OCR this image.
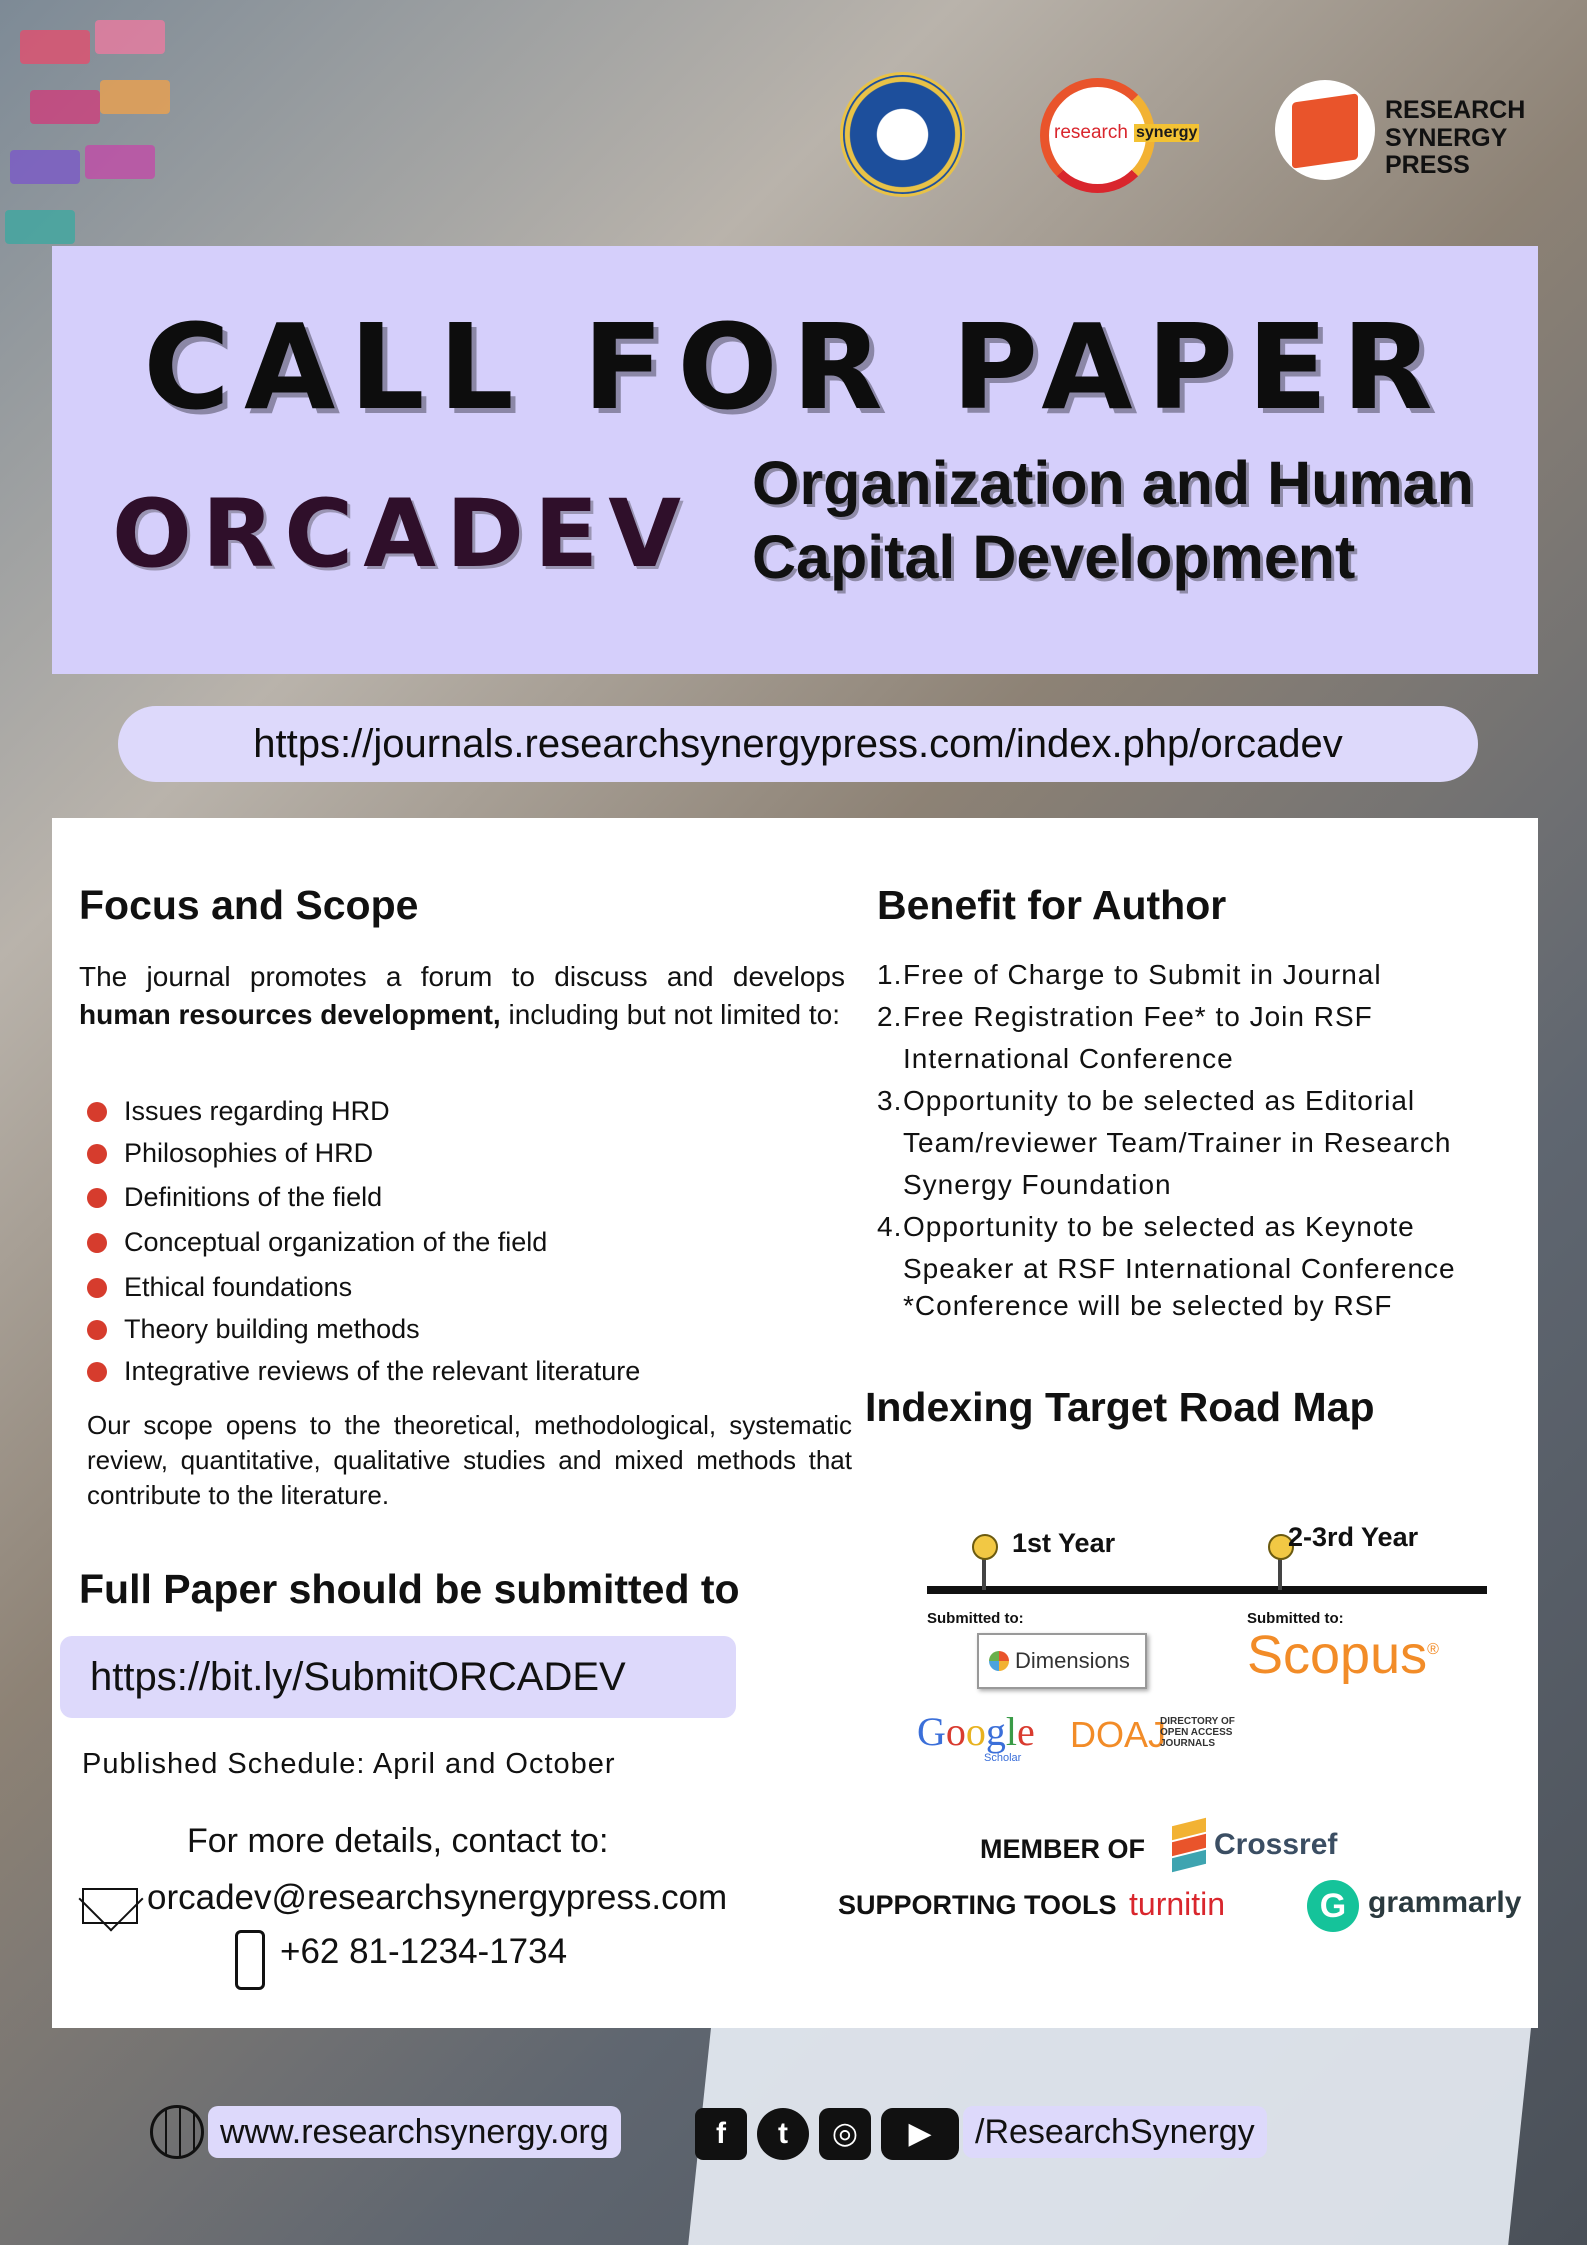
research synergy
RESEARCH
SYNERGY
PRESS
CALL FOR PAPER
ORCADEV Organization and Human
Capital Development
https://journals.researchsynergypress.com/index.php/orcadev
Focus and Scope
The journal promotes a forum to discuss and develops human resources development, including but not limited to:
Issues regarding HRD
Philosophies of HRD
Definitions of the field
Conceptual organization of the field
Ethical foundations
Theory building methods
Integrative reviews of the relevant literature
Our scope opens to the theoretical, methodological, systematic review, quantitative, qualitative studies and mixed methods that contribute to the literature.
Full Paper should be submitted to
https://bit.ly/SubmitORCADEV
Published Schedule: April and October
For more details, contact to:
orcadev@researchsynergypress.com
+62 81-1234-1734
Benefit for Author
1. Free of Charge to Submit in Journal
2. Free Registration Fee* to Join RSF International Conference
3. Opportunity to be selected as Editorial Team/reviewer Team/Trainer in Research Synergy Foundation
4. Opportunity to be selected as Keynote Speaker at RSF International Conference
*Conference will be selected by RSF
Indexing Target Road Map
1st Year	2-3rd Year
Submitted to:	Submitted to:
Dimensions	Scopus®
Google
Scholar
DOAJ
DIRECTORY OF
OPEN ACCESS
JOURNALS
MEMBER OF Crossref
SUPPORTING TOOLS turnitin	G grammarly
www.researchsynergy.org	f	t	◎	▶	/ResearchSynergy
